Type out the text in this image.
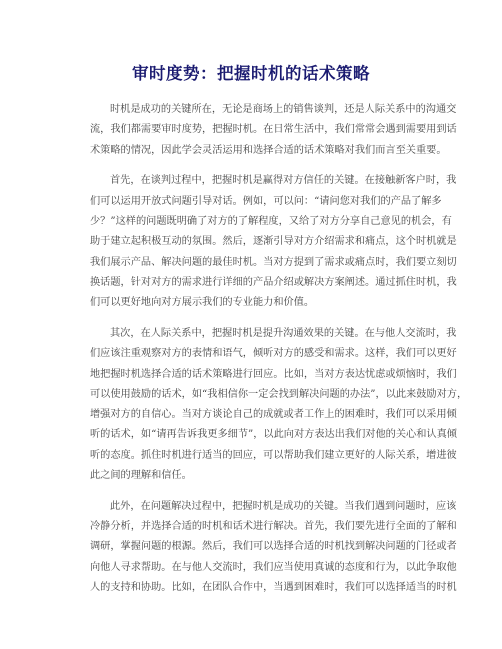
审时度势：把握时机的话术策略
时机是成功的关键所在，无论是商场上的销售谈判，还是人际关系中的沟通交
流，我们都需要审时度势，把握时机。在日常生活中，我们常常会遇到需要用到话
术策略的情况，因此学会灵活运用和选择合适的话术策略对我们而言至关重要。
首先，在谈判过程中，把握时机是赢得对方信任的关键。在接触新客户时，我
们可以运用开放式问题引导对话。例如，可以问：“请问您对我们的产品了解多
少？”这样的问题既明确了对方的了解程度，又给了对方分享自己意见的机会，有
助于建立起积极互动的氛围。然后，逐渐引导对方介绍需求和痛点，这个时机就是
我们展示产品、解决问题的最佳时机。当对方提到了需求或痛点时，我们要立刻切
换话题，针对对方的需求进行详细的产品介绍或解决方案阐述。通过抓住时机，我
们可以更好地向对方展示我们的专业能力和价值。
其次，在人际关系中，把握时机是提升沟通效果的关键。在与他人交流时，我
们应该注重观察对方的表情和语气，倾听对方的感受和需求。这样，我们可以更好
地把握时机选择合适的话术策略进行回应。比如，当对方表达忧虑或烦恼时，我们
可以使用鼓励的话术，如“我相信你一定会找到解决问题的办法”，以此来鼓励对方，
增强对方的自信心。当对方谈论自己的成就或者工作上的困难时，我们可以采用倾
听的话术，如“请再告诉我更多细节”，以此向对方表达出我们对他的关心和认真倾
听的态度。抓住时机进行适当的回应，可以帮助我们建立更好的人际关系，增进彼
此之间的理解和信任。
此外，在问题解决过程中，把握时机是成功的关键。当我们遇到问题时，应该
冷静分析，并选择合适的时机和话术进行解决。首先，我们要先进行全面的了解和
调研，掌握问题的根源。然后，我们可以选择合适的时机找到解决问题的门径或者
向他人寻求帮助。在与他人交流时，我们应当使用真诚的态度和行为，以此争取他
人的支持和协助。比如，在团队合作中，当遇到困难时，我们可以选择适当的时机
